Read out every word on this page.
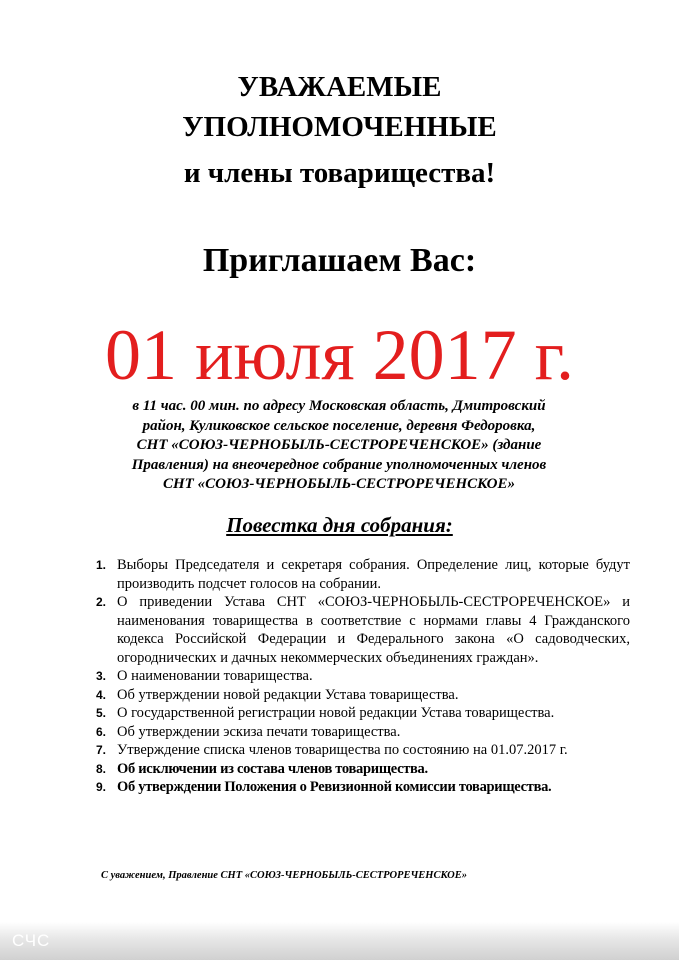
УВАЖАЕМЫЕ
УПОЛНОМОЧЕННЫЕ
и члены товарищества!
Приглашаем Вас:
01 июля 2017 г.
в 11 час. 00 мин. по адресу Московская область, Дмитровский
район, Куликовское сельское поселение, деревня Федоровка,
СНТ «СОЮЗ-ЧЕРНОБЫЛЬ-СЕСТРОРЕЧЕНСКОЕ» (здание
Правления) на внеочередное собрание уполномоченных членов
СНТ «СОЮЗ-ЧЕРНОБЫЛЬ-СЕСТРОРЕЧЕНСКОЕ»
Повестка дня собрания:
1. Выборы Председателя и секретаря собрания. Определение лиц, которые будут производить подсчет голосов на собрании.
2. О приведении Устава СНТ «СОЮЗ-ЧЕРНОБЫЛЬ-СЕСТРОРЕЧЕНСКОЕ» и наименования товарищества в соответствие с нормами главы 4 Гражданского кодекса Российской Федерации и Федерального закона «О садоводческих, огороднических и дачных некоммерческих объединениях граждан».
3. О наименовании товарищества.
4. Об утверждении новой редакции Устава товарищества.
5. О государственной регистрации новой редакции Устава товарищества.
6. Об утверждении эскиза печати товарищества.
7. Утверждение списка членов товарищества по состоянию на 01.07.2017 г.
8. Об исключении из состава членов товарищества.
9. Об утверждении Положения о Ревизионной комиссии товарищества.
С уважением, Правление СНТ «СОЮЗ-ЧЕРНОБЫЛЬ-СЕСТРОРЕЧЕНСКОЕ»
СЧС
